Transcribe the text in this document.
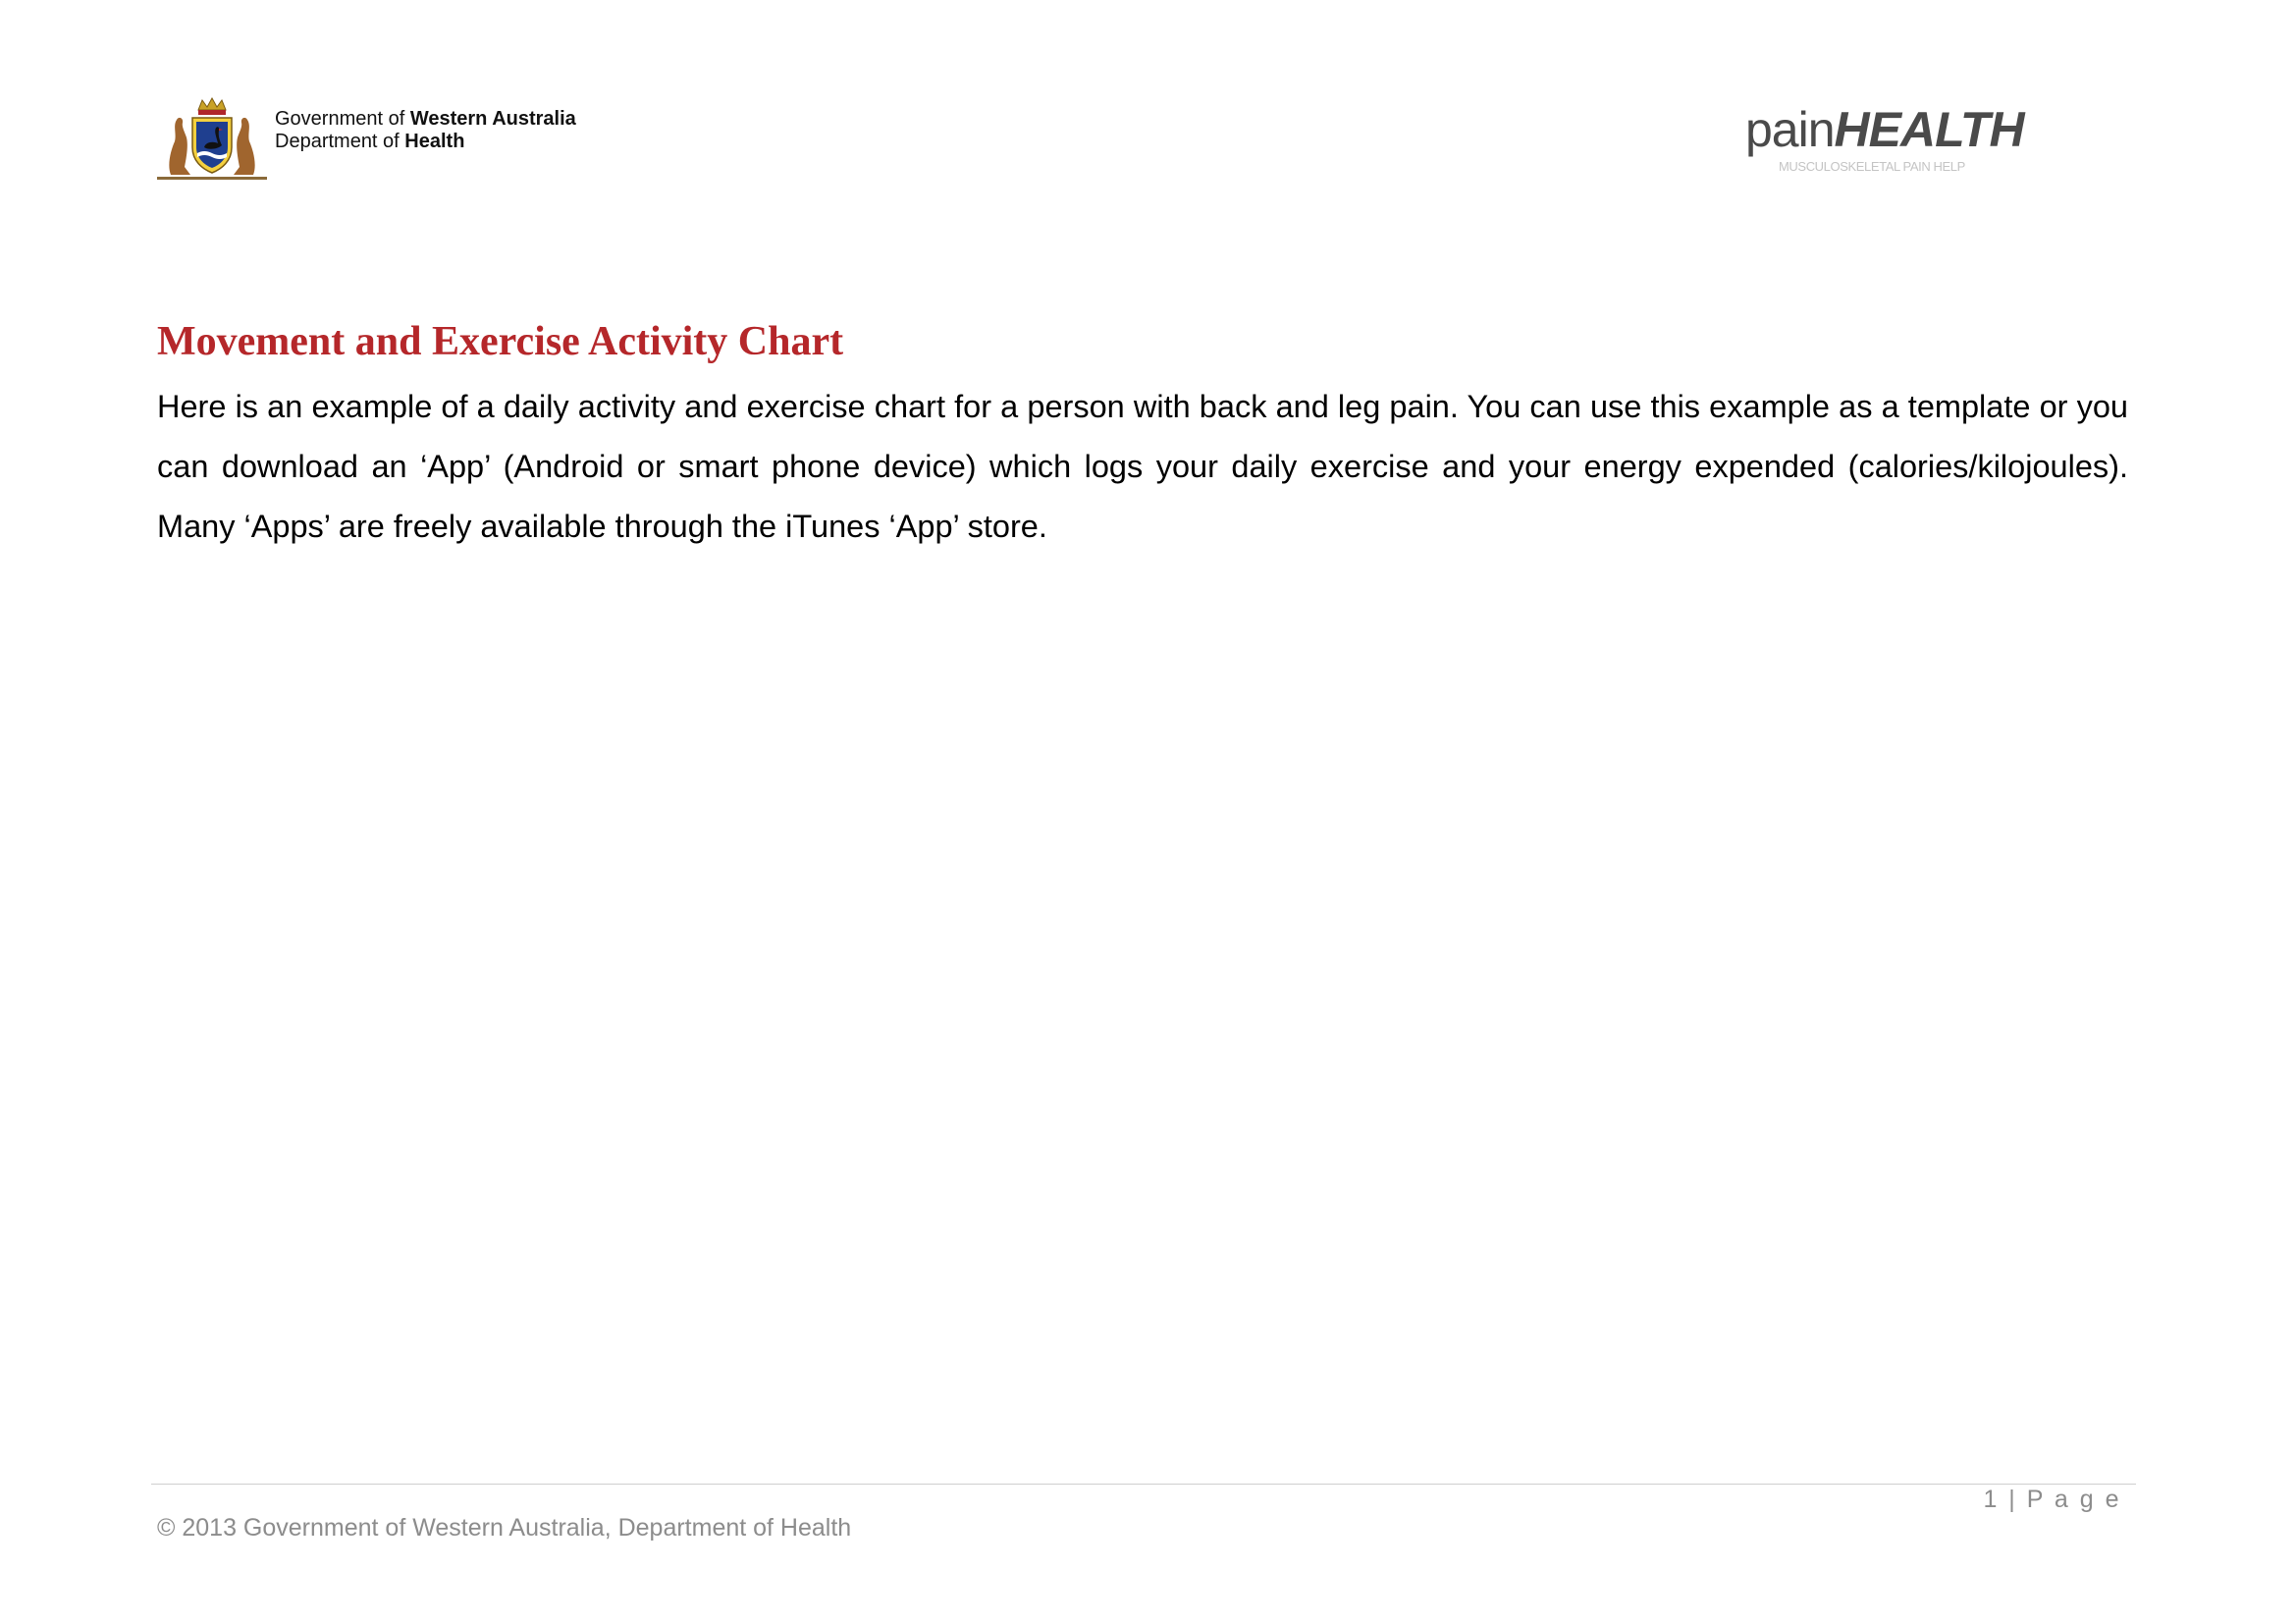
Government of Western Australia
Department of Health	painHEALTH
MUSCULOSKELETAL PAIN HELP
Movement and Exercise Activity Chart

Here is an example of a daily activity and exercise chart for a person with back and leg pain. You can use this example as a template or you can download an ‘App’ (Android or smart phone device) which logs your daily exercise and your energy expended (calories/kilojoules). Many ‘Apps’ are freely available through the iTunes ‘App’ store.

1 | P a g e
© 2013 Government of Western Australia, Department of Health
